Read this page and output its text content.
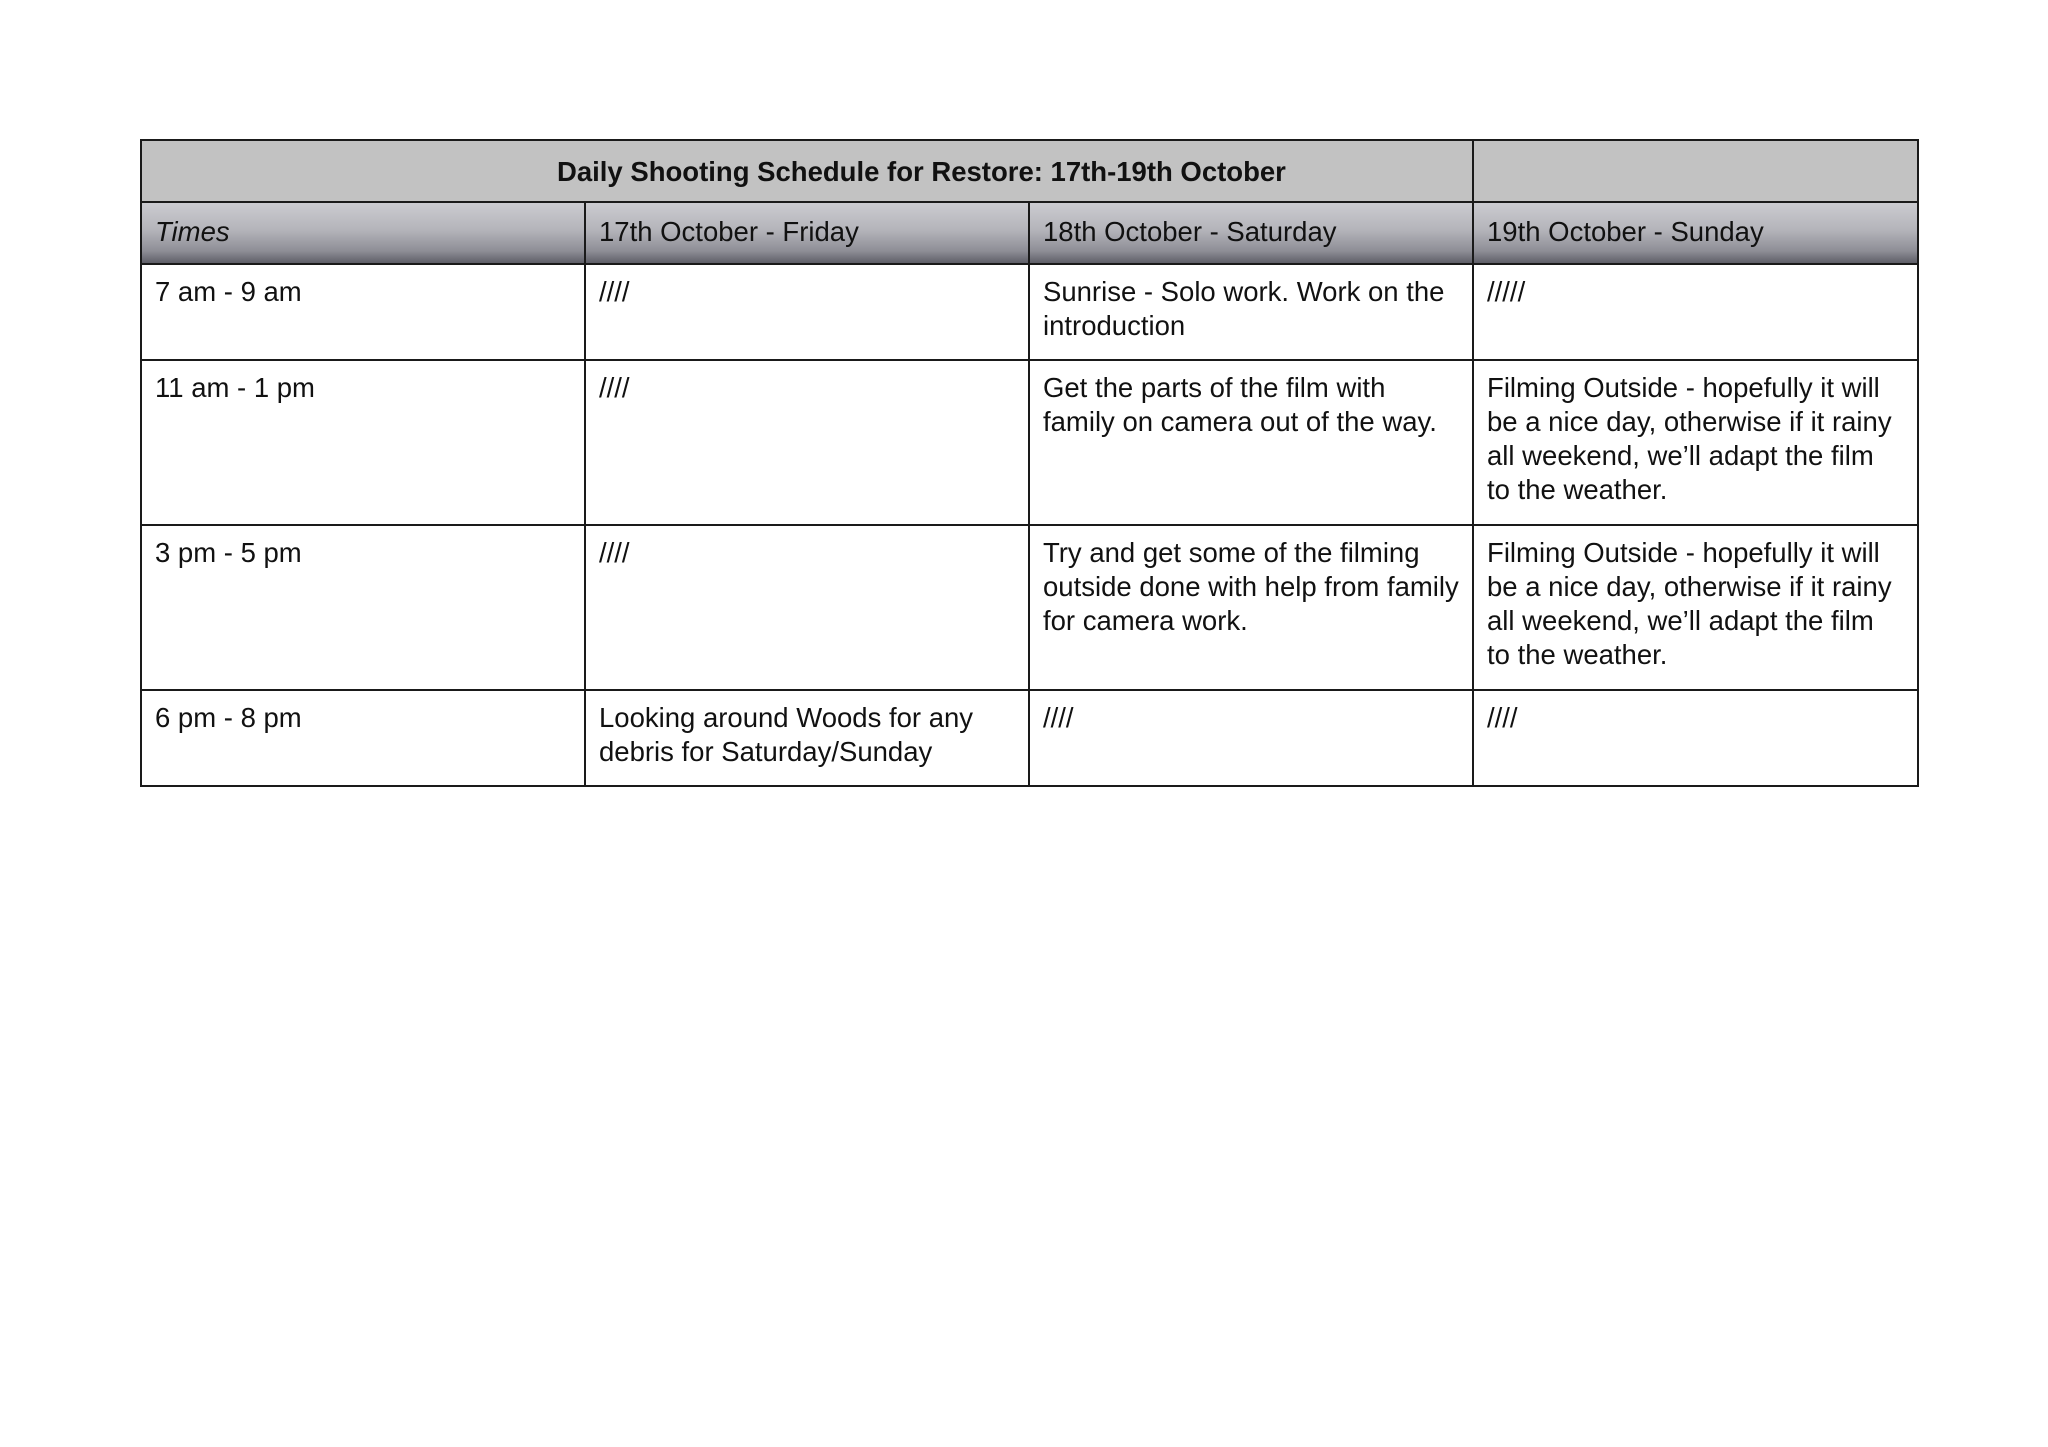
Daily Shooting Schedule for Restore: 17th-19th October			

Times	17th October - Friday	18th October - Saturday	19th October - Sunday
7 am - 9 am	////	Sunrise - Solo work. Work on the introduction	/////
11 am - 1 pm	////	Get the parts of the film with family on camera out of the way.	Filming Outside - hopefully it will be a nice day, otherwise if it rainy all weekend, we’ll adapt the film to the weather.
3 pm - 5 pm	////	Try and get some of the filming outside done with help from family for camera work.	Filming Outside - hopefully it will be a nice day, otherwise if it rainy all weekend, we’ll adapt the film to the weather.
6 pm - 8 pm	Looking around Woods for any debris for Saturday/Sunday	////	////
